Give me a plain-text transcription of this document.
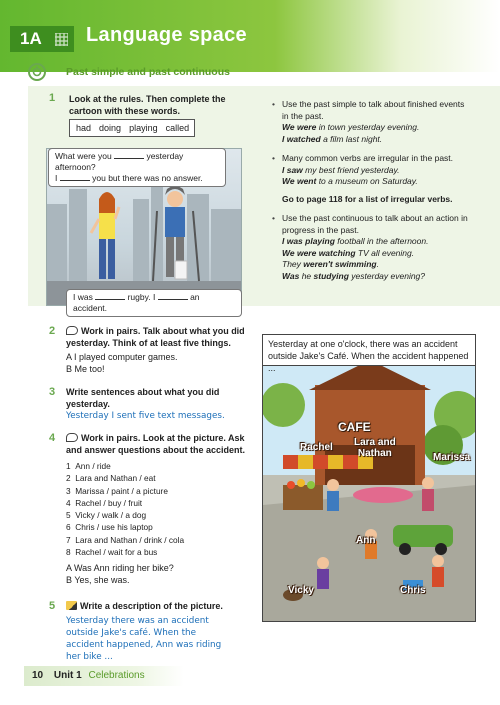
1A	Language space
Past simple and past continuous
1 Look at the rules. Then complete the
cartoon with these words.
had doing playing called
What were you	yesterday afternoon?
I	you but there was no answer.
I was	rugby. I	an accident.
• Use the past simple to talk about finished events
in the past.
We were in town yesterday evening.
I watched a film last night.
• Many common verbs are irregular in the past.
I saw my best friend yesterday.
We went to a museum on Saturday.
Go to page 118 for a list of irregular verbs.
• Use the past continuous to talk about an action in
progress in the past.
I was playing football in the afternoon.
We were watching TV all evening.
They weren't swimming.
Was he studying yesterday evening?
2	Work in pairs. Talk about what you did
yesterday. Think of at least five things.
A I played computer games.
B Me too!
3 Write sentences about what you did
yesterday.
Yesterday I sent five text messages.
4	Work in pairs. Look at the picture. Ask
and answer questions about the accident.
1 Ann / ride
2 Lara and Nathan / eat
3 Marissa / paint / a picture
4 Rachel / buy / fruit
5 Vicky / walk / a dog
6 Chris / use his laptop
7 Lara and Nathan / drink / cola
8 Rachel / wait for a bus
A Was Ann riding her bike?
B Yes, she was.
5	Write a description of the picture.
Yesterday there was an accident
outside Jake's café. When the
accident happened, Ann was riding
her bike ...
Yesterday at one o'clock, there was an accident
outside Jake's Café. When the accident happened ...
CAFE
Rachel Lara and
Nathan	Marissa
Ann
Vicky	Chris
10 Unit 1 Celebrations
